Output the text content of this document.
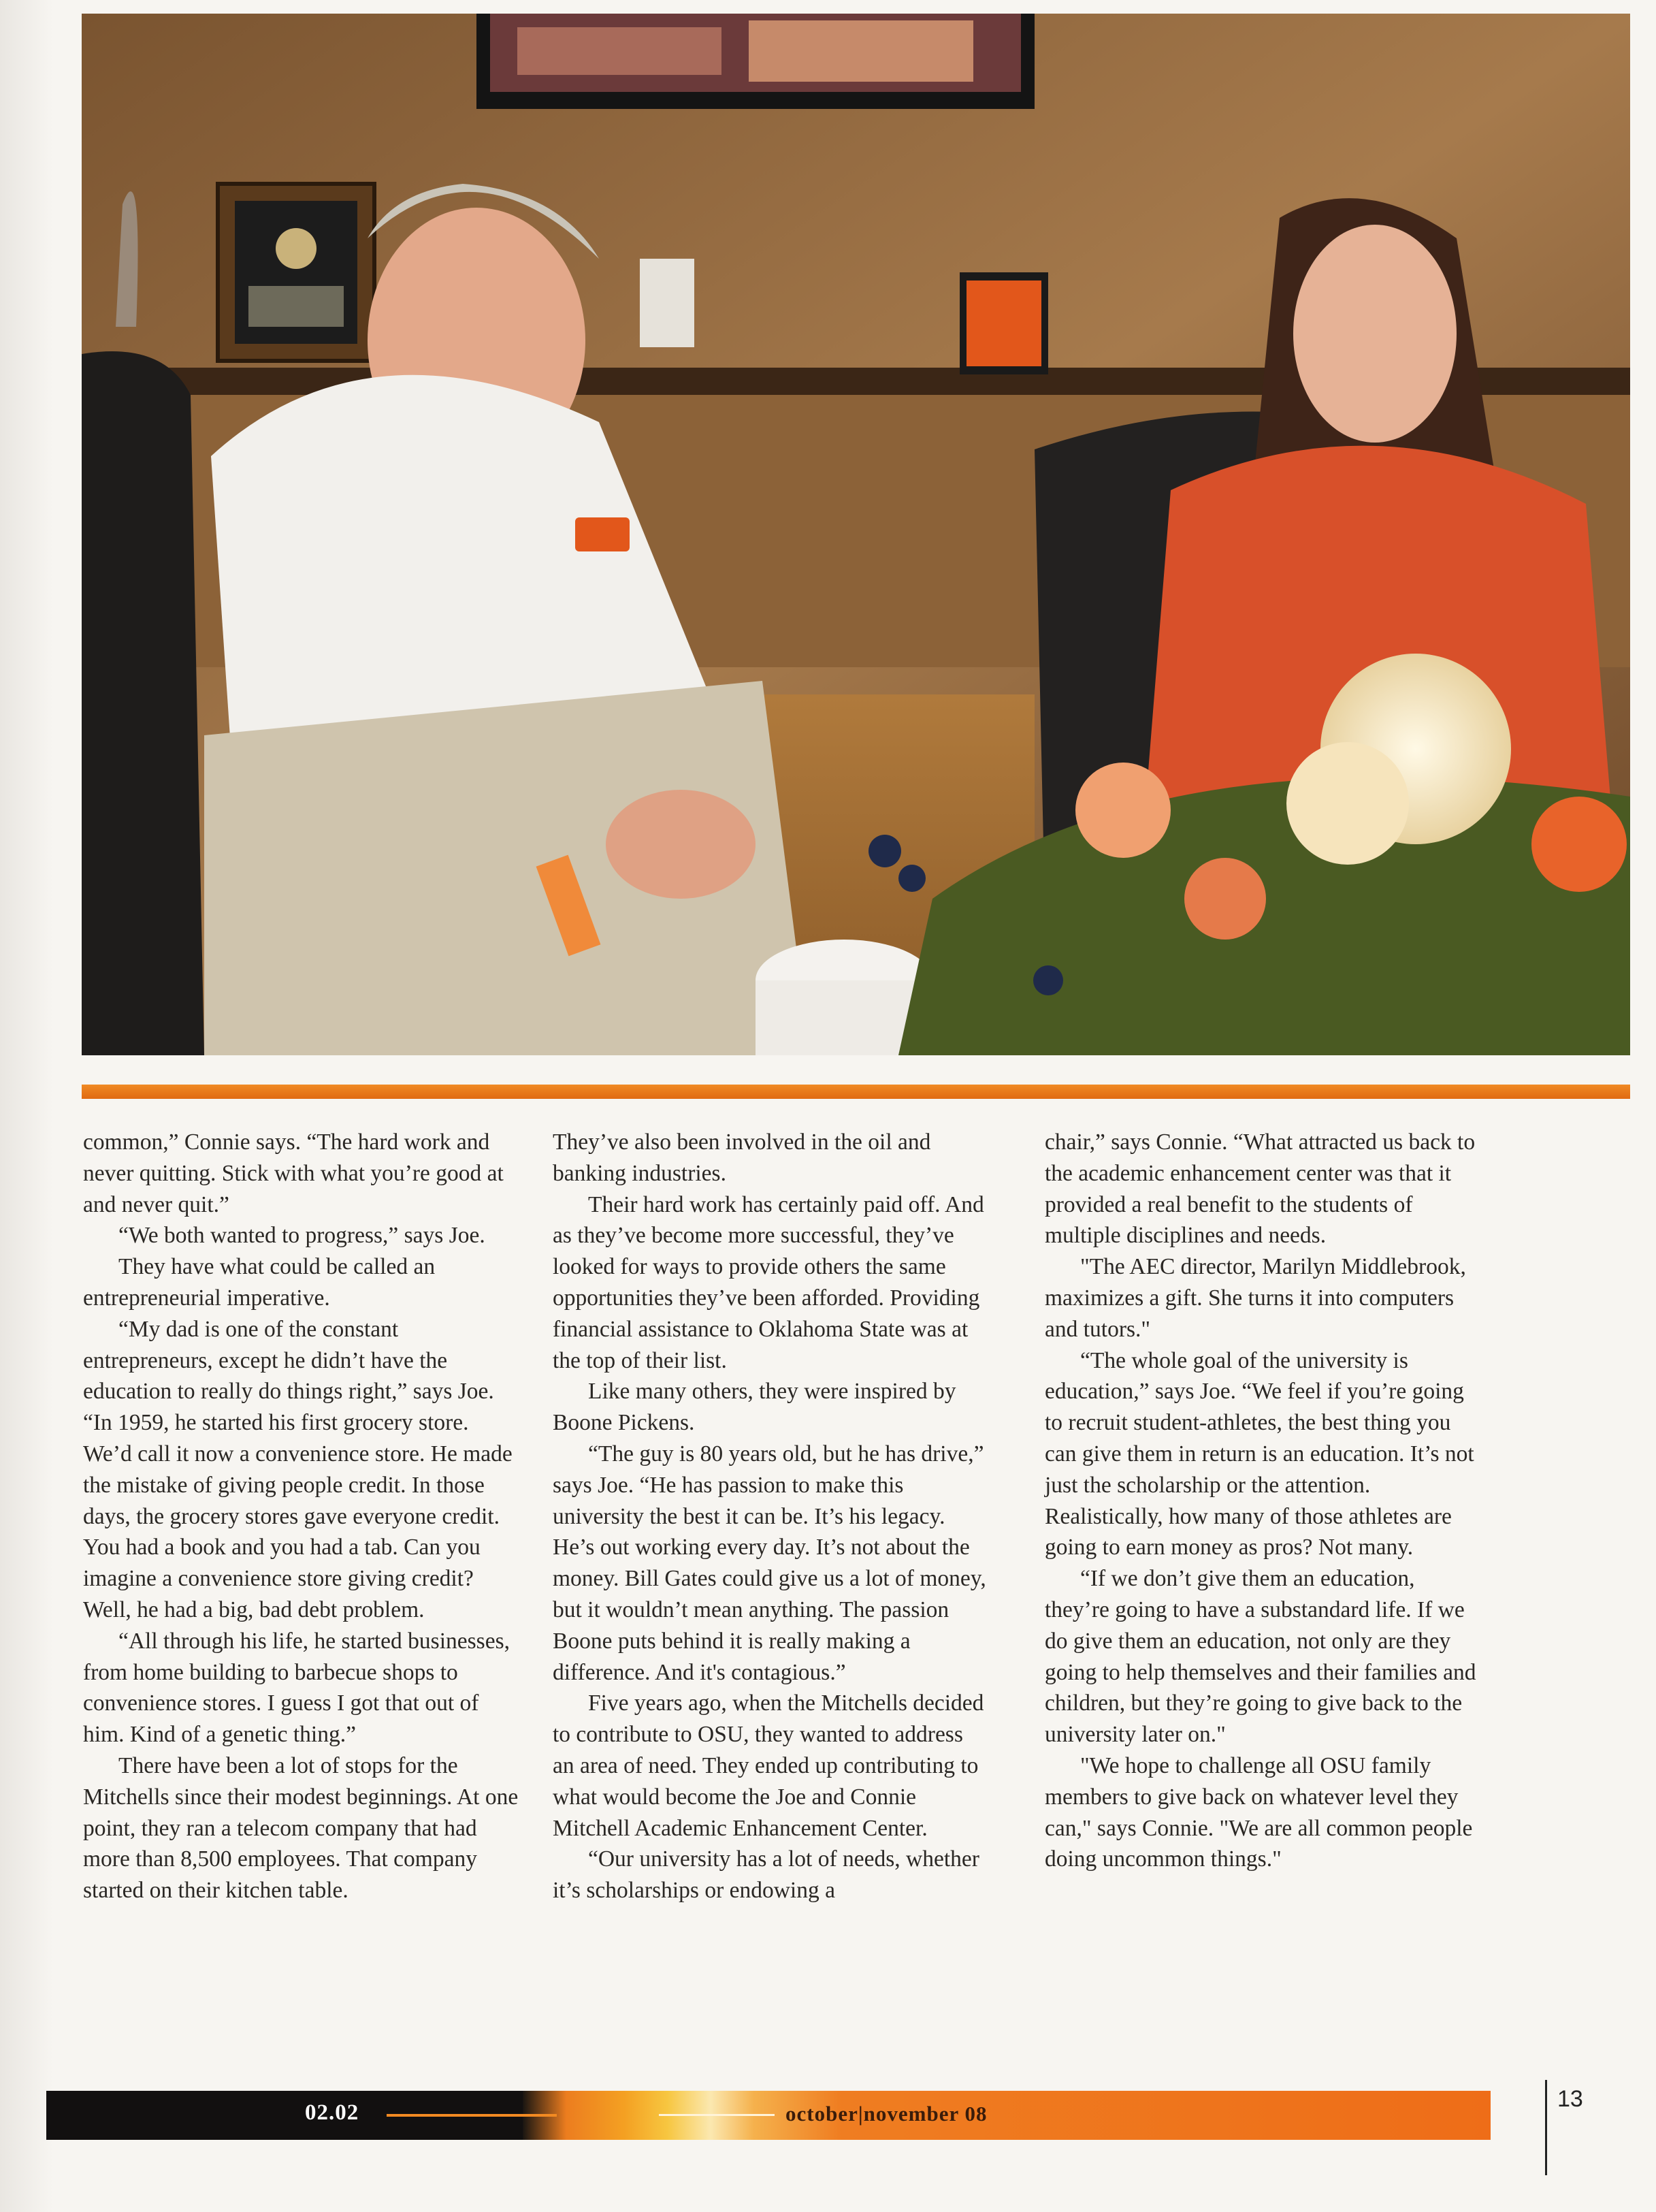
common,” Connie says. “The hard work and never quitting. Stick with what you’re good at and never quit.”

“We both wanted to progress,” says Joe.

They have what could be called an entrepreneurial imperative.

“My dad is one of the constant entrepreneurs, except he didn’t have the education to really do things right,” says Joe. “In 1959, he started his first grocery store. We’d call it now a convenience store. He made the mistake of giving people credit. In those days, the grocery stores gave everyone credit. You had a book and you had a tab. Can you imagine a convenience store giving credit? Well, he had a big, bad debt problem.

“All through his life, he started businesses, from home building to barbecue shops to convenience stores. I guess I got that out of him. Kind of a genetic thing.”

There have been a lot of stops for the Mitchells since their modest beginnings. At one point, they ran a telecom company that had more than 8,500 employees. That company started on their kitchen table.

They’ve also been involved in the oil and banking industries.

Their hard work has certainly paid off. And as they’ve become more successful, they’ve looked for ways to provide others the same opportunities they’ve been afforded. Providing financial assistance to Oklahoma State was at the top of their list.

Like many others, they were inspired by Boone Pickens.

“The guy is 80 years old, but he has drive,” says Joe. “He has passion to make this university the best it can be. It’s his legacy. He’s out working every day. It’s not about the money. Bill Gates could give us a lot of money, but it wouldn’t mean anything. The passion Boone puts behind it is really making a difference. And it's contagious.”

Five years ago, when the Mitchells decided to contribute to OSU, they wanted to address an area of need. They ended up contributing to what would become the Joe and Connie Mitchell Academic Enhancement Center.

“Our university has a lot of needs, whether it’s scholarships or endowing a

chair,” says Connie. “What attracted us back to the academic enhancement center was that it provided a real benefit to the students of multiple disciplines and needs.

"The AEC director, Marilyn Middlebrook, maximizes a gift. She turns it into computers and tutors."

“The whole goal of the university is education,” says Joe. “We feel if you’re going to recruit student-athletes, the best thing you can give them in return is an education. It’s not just the scholarship or the attention. Realistically, how many of those athletes are going to earn money as pros? Not many.

“If we don’t give them an education, they’re going to have a substandard life. If we do give them an education, not only are they going to help themselves and their families and children, but they’re going to give back to the university later on."

"We hope to challenge all OSU family members to give back on whatever level they can," says Connie. "We are all common people doing uncommon things."

02.02	october|november 08
13
